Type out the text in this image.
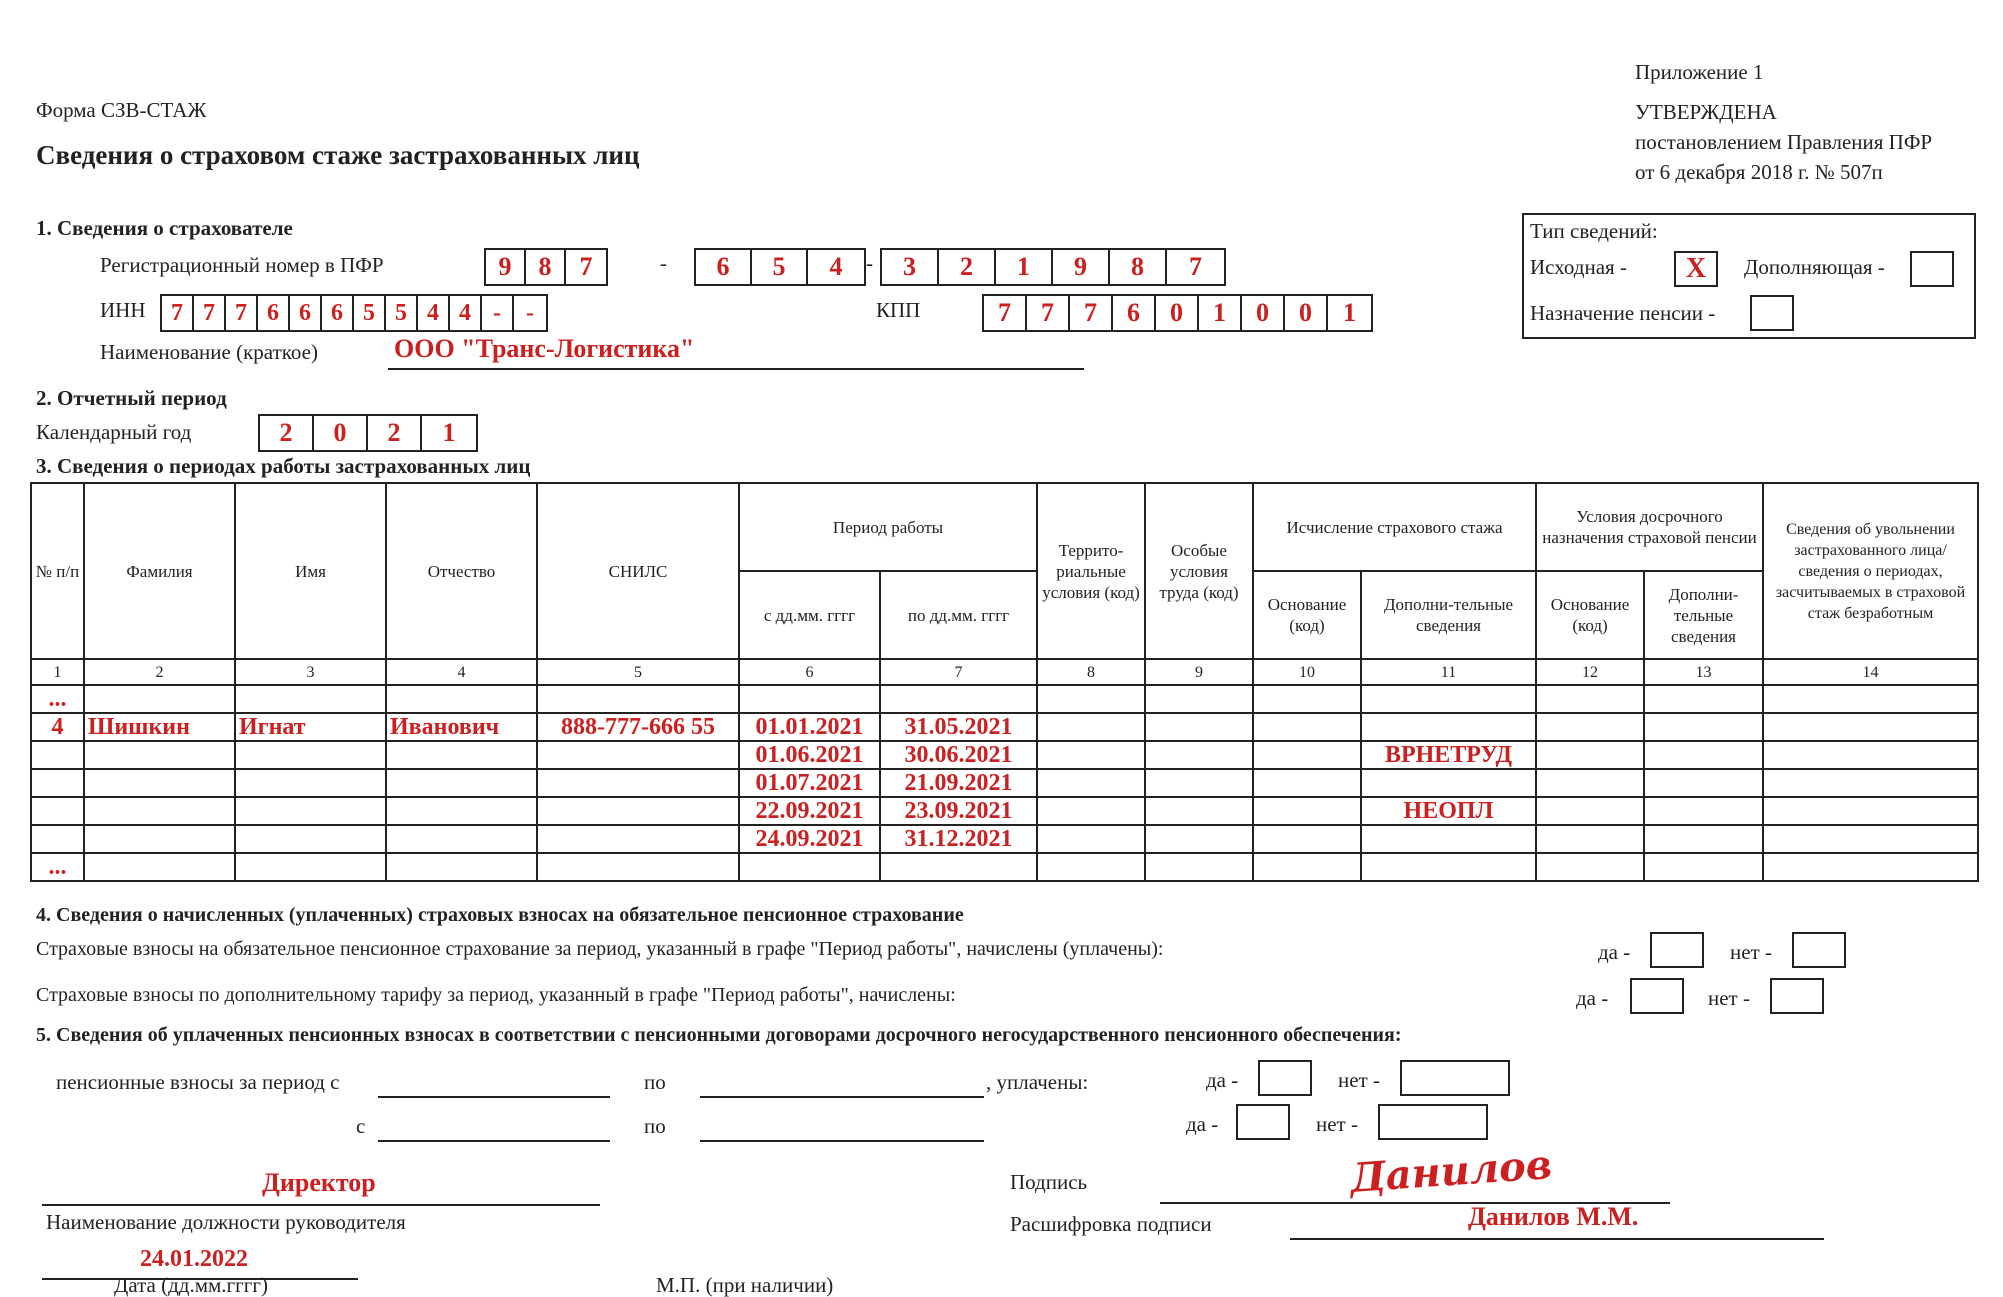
Форма СЗВ-СТАЖ
Сведения о страховом стаже застрахованных лиц
Приложение 1
УТВЕРЖДЕНА
постановлением Правления ПФР
от 6 декабря 2018 г. № 507п
Тип сведений:
Исходная -	X	Дополняющая -
Назначение пенсии -
1. Сведения о страхователе
Регистрационный номер в ПФР	9	8	7	-	6	5	4	-	3	2	1	9	8	7
ИНН	7 7 7 6 6 6 5 5 4 4 -	-	КПП	7	7	7	6	0	1	0	0	1
Наименование (краткое)	ООО "Транс-Логистика"
2. Отчетный период
Календарный год	2	0	2	1
3. Сведения о периодах работы застрахованных лиц
№ п/п	Фамилия	Имя	Отчество	СНИЛС	Период работы		Террито-риальные условия (код)	Особые условия труда (код)	Исчисление страхового стажа		Условия досрочного назначения страховой пенсии		Сведения об увольнении застрахованного лица/ сведения о периодах, засчитываемых в страховой стаж безработным
					с дд.мм. гггг	по дд.мм. гггг			Основание (код)	Дополни-тельные сведения	Основание (код)	Дополни-тельные сведения	
1	2	3	4	5	6	7	8	9	10	11	12	13	14
...													
4	Шишкин	Игнат	Иванович	888-777-666 55	01.01.2021	31.05.2021							
					01.06.2021	30.06.2021				ВРНЕТРУД			
					01.07.2021	21.09.2021							
					22.09.2021	23.09.2021				НЕОПЛ			
					24.09.2021	31.12.2021							
...													
4. Сведения о начисленных (уплаченных) страховых взносах на обязательное пенсионное страхование
Страховые взносы на обязательное пенсионное страхование за период, указанный в графе "Период работы", начислены (уплачены):	да -	нет -
Страховые взносы по дополнительному тарифу за период, указанный в графе "Период работы", начислены:	да -	нет -
5. Сведения об уплаченных пенсионных взносах в соответствии с пенсионными договорами досрочного негосударственного пенсионного обеспечения:
пенсионные взносы за период с	по	, уплачены:	да -	нет -
с	по	да -	нет -
Директор
Наименование должности руководителя
24.01.2022
Дата (дд.мм.гггг)	М.П. (при наличии)
Подпись	Данилов
Расшифровка подписи	Данилов М.М.
